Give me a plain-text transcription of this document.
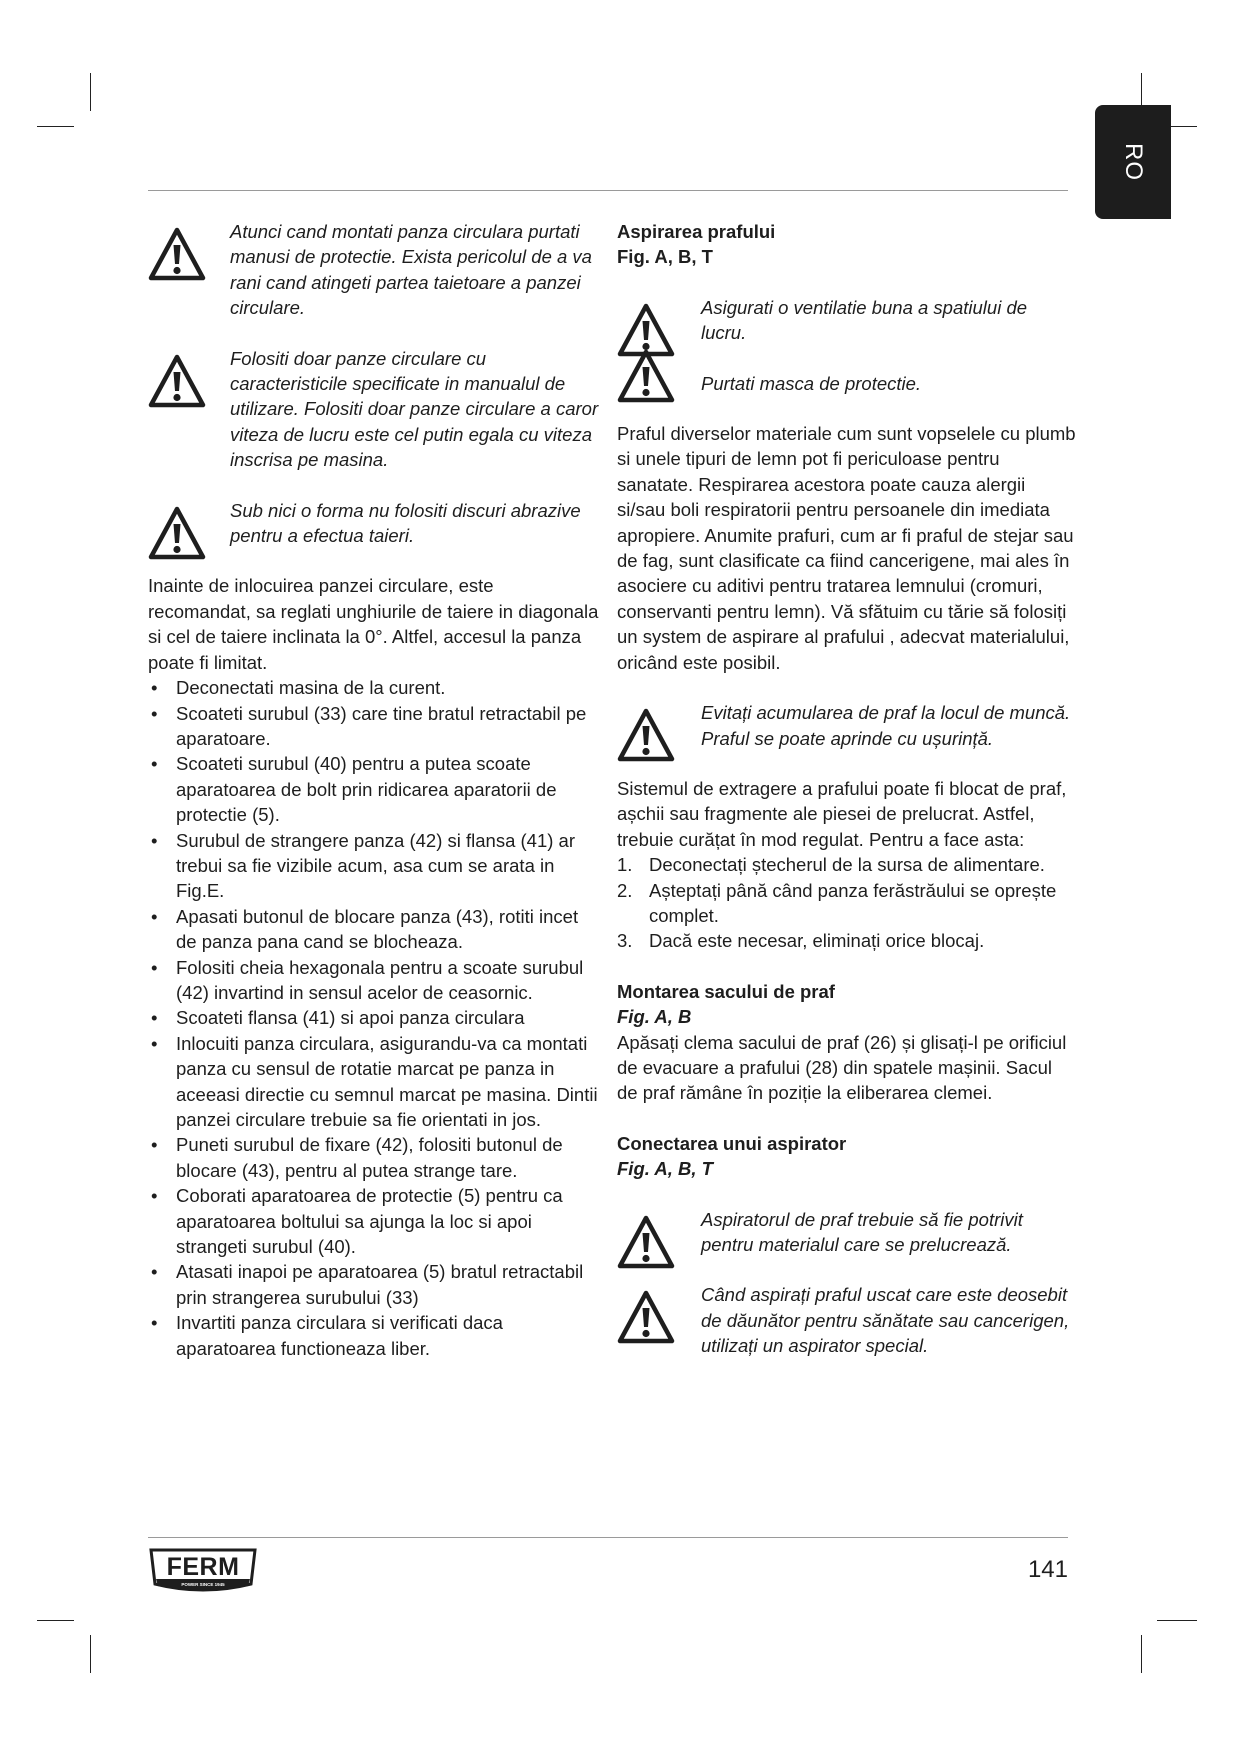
RO
Atunci cand montati panza circulara purtati manusi de protectie. Exista pericolul de a va rani cand atingeti partea taietoare a panzei circulare.
Folositi doar panze circulare cu caracteristicile specificate in manualul de utilizare. Folositi doar panze circulare a caror viteza de lucru este cel putin egala cu viteza inscrisa pe masina.
Sub nici o forma nu folositi discuri abrazive pentru a efectua taieri.
Inainte de inlocuirea panzei circulare, este recomandat, sa reglati unghiurile de taiere in diagonala si cel de taiere inclinata la 0°. Altfel, accesul la panza poate fi limitat.
• Deconectati masina de la curent.
• Scoateti surubul (33) care tine bratul retractabil pe aparatoare.
• Scoateti surubul (40) pentru a putea scoate aparatoarea de bolt prin ridicarea aparatorii de protectie (5).
• Surubul de strangere panza (42) si flansa (41) ar trebui sa fie vizibile acum, asa cum se arata in Fig.E.
• Apasati butonul de blocare panza (43), rotiti incet de panza pana cand se blocheaza.
• Folositi cheia hexagonala pentru a scoate surubul (42) invartind in sensul acelor de ceasornic.
• Scoateti flansa (41) si apoi panza circulara
• Inlocuiti panza circulara, asigurandu-va ca montati panza cu sensul de rotatie marcat pe panza in aceeasi directie cu semnul marcat pe masina. Dintii panzei circulare trebuie sa fie orientati in jos.
• Puneti surubul de fixare (42), folositi butonul de blocare (43), pentru al putea strange tare.
• Coborati aparatoarea de protectie (5) pentru ca aparatoarea boltului sa ajunga la loc si apoi strangeti surubul (40).
• Atasati inapoi pe aparatoarea (5) bratul retractabil prin strangerea surubului (33)
• Invartiti panza circulara si verificati daca aparatoarea functioneaza liber.
Aspirarea prafului
Fig. A, B, T
Asigurati o ventilatie buna a spatiului de lucru.
Purtati masca de protectie.

Praful diverselor materiale cum sunt vopselele cu plumb si unele tipuri de lemn pot fi periculoase pentru sanatate. Respirarea acestora poate cauza alergii si/sau boli respiratorii pentru persoanele din imediata apropiere. Anumite prafuri, cum ar fi praful de stejar sau de fag, sunt clasificate ca fiind cancerigene, mai ales în asociere cu aditivi pentru tratarea lemnului (cromuri, conservanti pentru lemn). Vă sfătuim cu tărie să folosiți un system de aspirare al prafului , adecvat materialului, oricând este posibil.

Evitați acumularea de praf la locul de muncă. Praful se poate aprinde cu ușurință.
Sistemul de extragere a prafului poate fi blocat de praf, așchii sau fragmente ale piesei de prelucrat. Astfel, trebuie curățat în mod regulat. Pentru a face asta:
1. Deconectați ștecherul de la sursa de alimentare.
2. Așteptați până când panza ferăstrăului se oprește complet.
3. Dacă este necesar, eliminați orice blocaj.
Montarea sacului de praf
Fig. A, B

Apăsați clema sacului de praf (26) și glisați-l pe orificiul de evacuare a prafului (28) din spatele mașinii. Sacul de praf rămâne în poziție la eliberarea clemei.

Conectarea unui aspirator
Fig. A, B, T
Aspiratorul de praf trebuie să fie potrivit pentru materialul care se prelucrează.
Când aspirați praful uscat care este deosebit de dăunător pentru sănătate sau cancerigen, utilizați un aspirator special.
FERM
POWER SINCE 1945
141
